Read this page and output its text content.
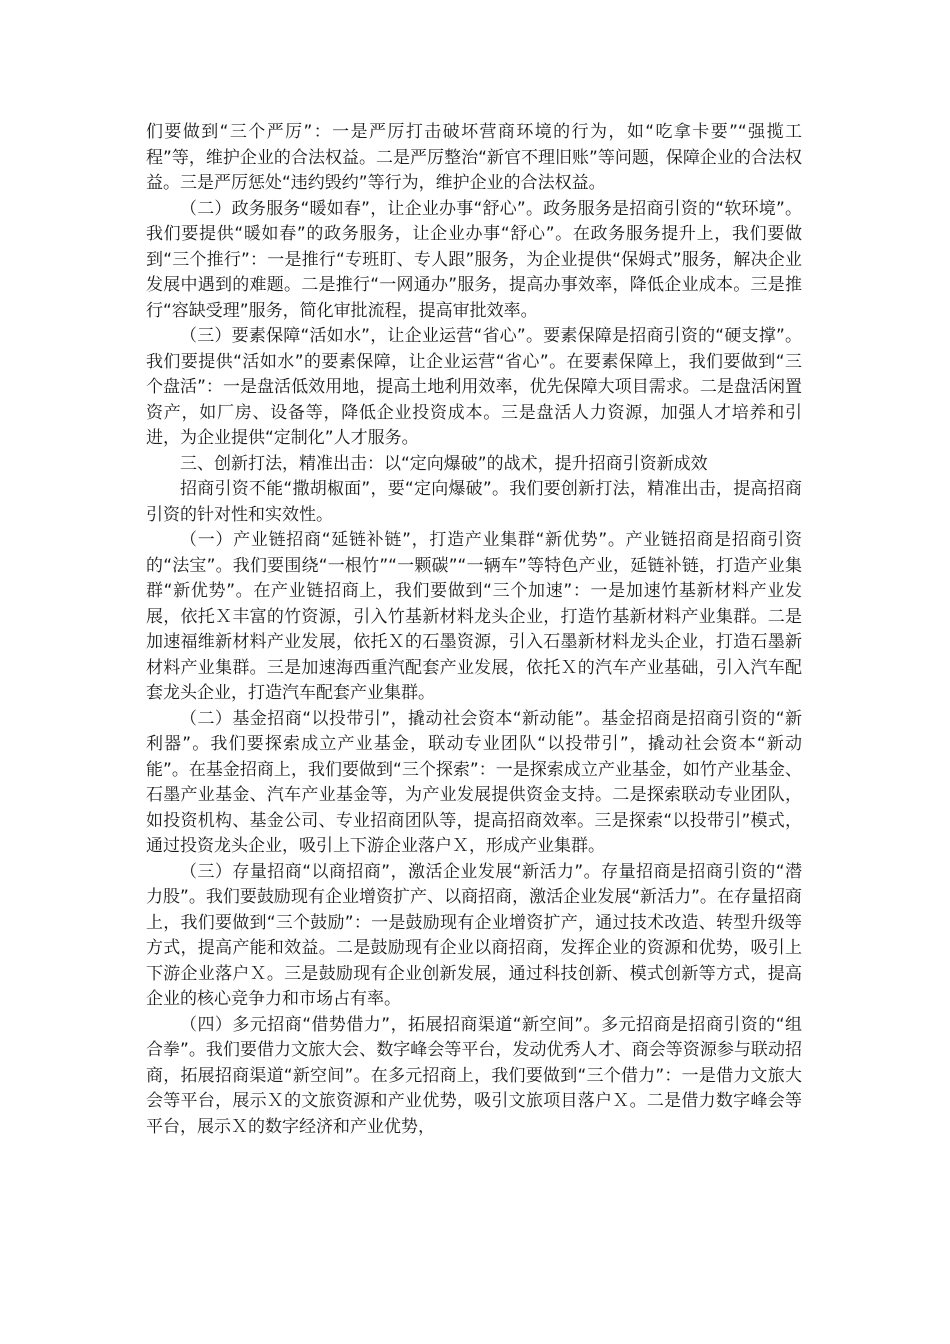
们要做到“三个严厉”：一是严厉打击破坏营商环境的行为，如“吃拿卡要”“强揽工程”等，维护企业的合法权益。二是严厉整治“新官不理旧账”等问题，保障企业的合法权益。三是严厉惩处“违约毁约”等行为，维护企业的合法权益。

（二）政务服务“暖如春”，让企业办事“舒心”。政务服务是招商引资的“软环境”。我们要提供“暖如春”的政务服务，让企业办事“舒心”。在政务服务提升上，我们要做到“三个推行”：一是推行“专班盯、专人跟”服务，为企业提供“保姆式”服务，解决企业发展中遇到的难题。二是推行“一网通办”服务，提高办事效率，降低企业成本。三是推行“容缺受理”服务，简化审批流程，提高审批效率。

（三）要素保障“活如水”，让企业运营“省心”。要素保障是招商引资的“硬支撑”。我们要提供“活如水”的要素保障，让企业运营“省心”。在要素保障上，我们要做到“三个盘活”：一是盘活低效用地，提高土地利用效率，优先保障大项目需求。二是盘活闲置资产，如厂房、设备等，降低企业投资成本。三是盘活人力资源，加强人才培养和引进，为企业提供“定制化”人才服务。

三、创新打法，精准出击：以“定向爆破”的战术，提升招商引资新成效

招商引资不能“撒胡椒面”，要“定向爆破”。我们要创新打法，精准出击，提高招商引资的针对性和实效性。

（一）产业链招商“延链补链”，打造产业集群“新优势”。产业链招商是招商引资的“法宝”。我们要围绕“一根竹”“一颗碳”“一辆车”等特色产业，延链补链，打造产业集群“新优势”。在产业链招商上，我们要做到“三个加速”：一是加速竹基新材料产业发展，依托Ｘ丰富的竹资源，引入竹基新材料龙头企业，打造竹基新材料产业集群。二是加速福维新材料产业发展，依托Ｘ的石墨资源，引入石墨新材料龙头企业，打造石墨新材料产业集群。三是加速海西重汽配套产业发展，依托Ｘ的汽车产业基础，引入汽车配套龙头企业，打造汽车配套产业集群。

（二）基金招商“以投带引”，撬动社会资本“新动能”。基金招商是招商引资的“新利器”。我们要探索成立产业基金，联动专业团队“以投带引”，撬动社会资本“新动能”。在基金招商上，我们要做到“三个探索”：一是探索成立产业基金，如竹产业基金、石墨产业基金、汽车产业基金等，为产业发展提供资金支持。二是探索联动专业团队，如投资机构、基金公司、专业招商团队等，提高招商效率。三是探索“以投带引”模式，通过投资龙头企业，吸引上下游企业落户Ｘ，形成产业集群。

（三）存量招商“以商招商”，激活企业发展“新活力”。存量招商是招商引资的“潜力股”。我们要鼓励现有企业增资扩产、以商招商，激活企业发展“新活力”。在存量招商上，我们要做到“三个鼓励”：一是鼓励现有企业增资扩产，通过技术改造、转型升级等方式，提高产能和效益。二是鼓励现有企业以商招商，发挥企业的资源和优势，吸引上下游企业落户Ｘ。三是鼓励现有企业创新发展，通过科技创新、模式创新等方式，提高企业的核心竞争力和市场占有率。

（四）多元招商“借势借力”，拓展招商渠道“新空间”。多元招商是招商引资的“组合拳”。我们要借力文旅大会、数字峰会等平台，发动优秀人才、商会等资源参与联动招商，拓展招商渠道“新空间”。在多元招商上，我们要做到“三个借力”：一是借力文旅大会等平台，展示Ｘ的文旅资源和产业优势，吸引文旅项目落户Ｘ。二是借力数字峰会等平台，展示Ｘ的数字经济和产业优势，
